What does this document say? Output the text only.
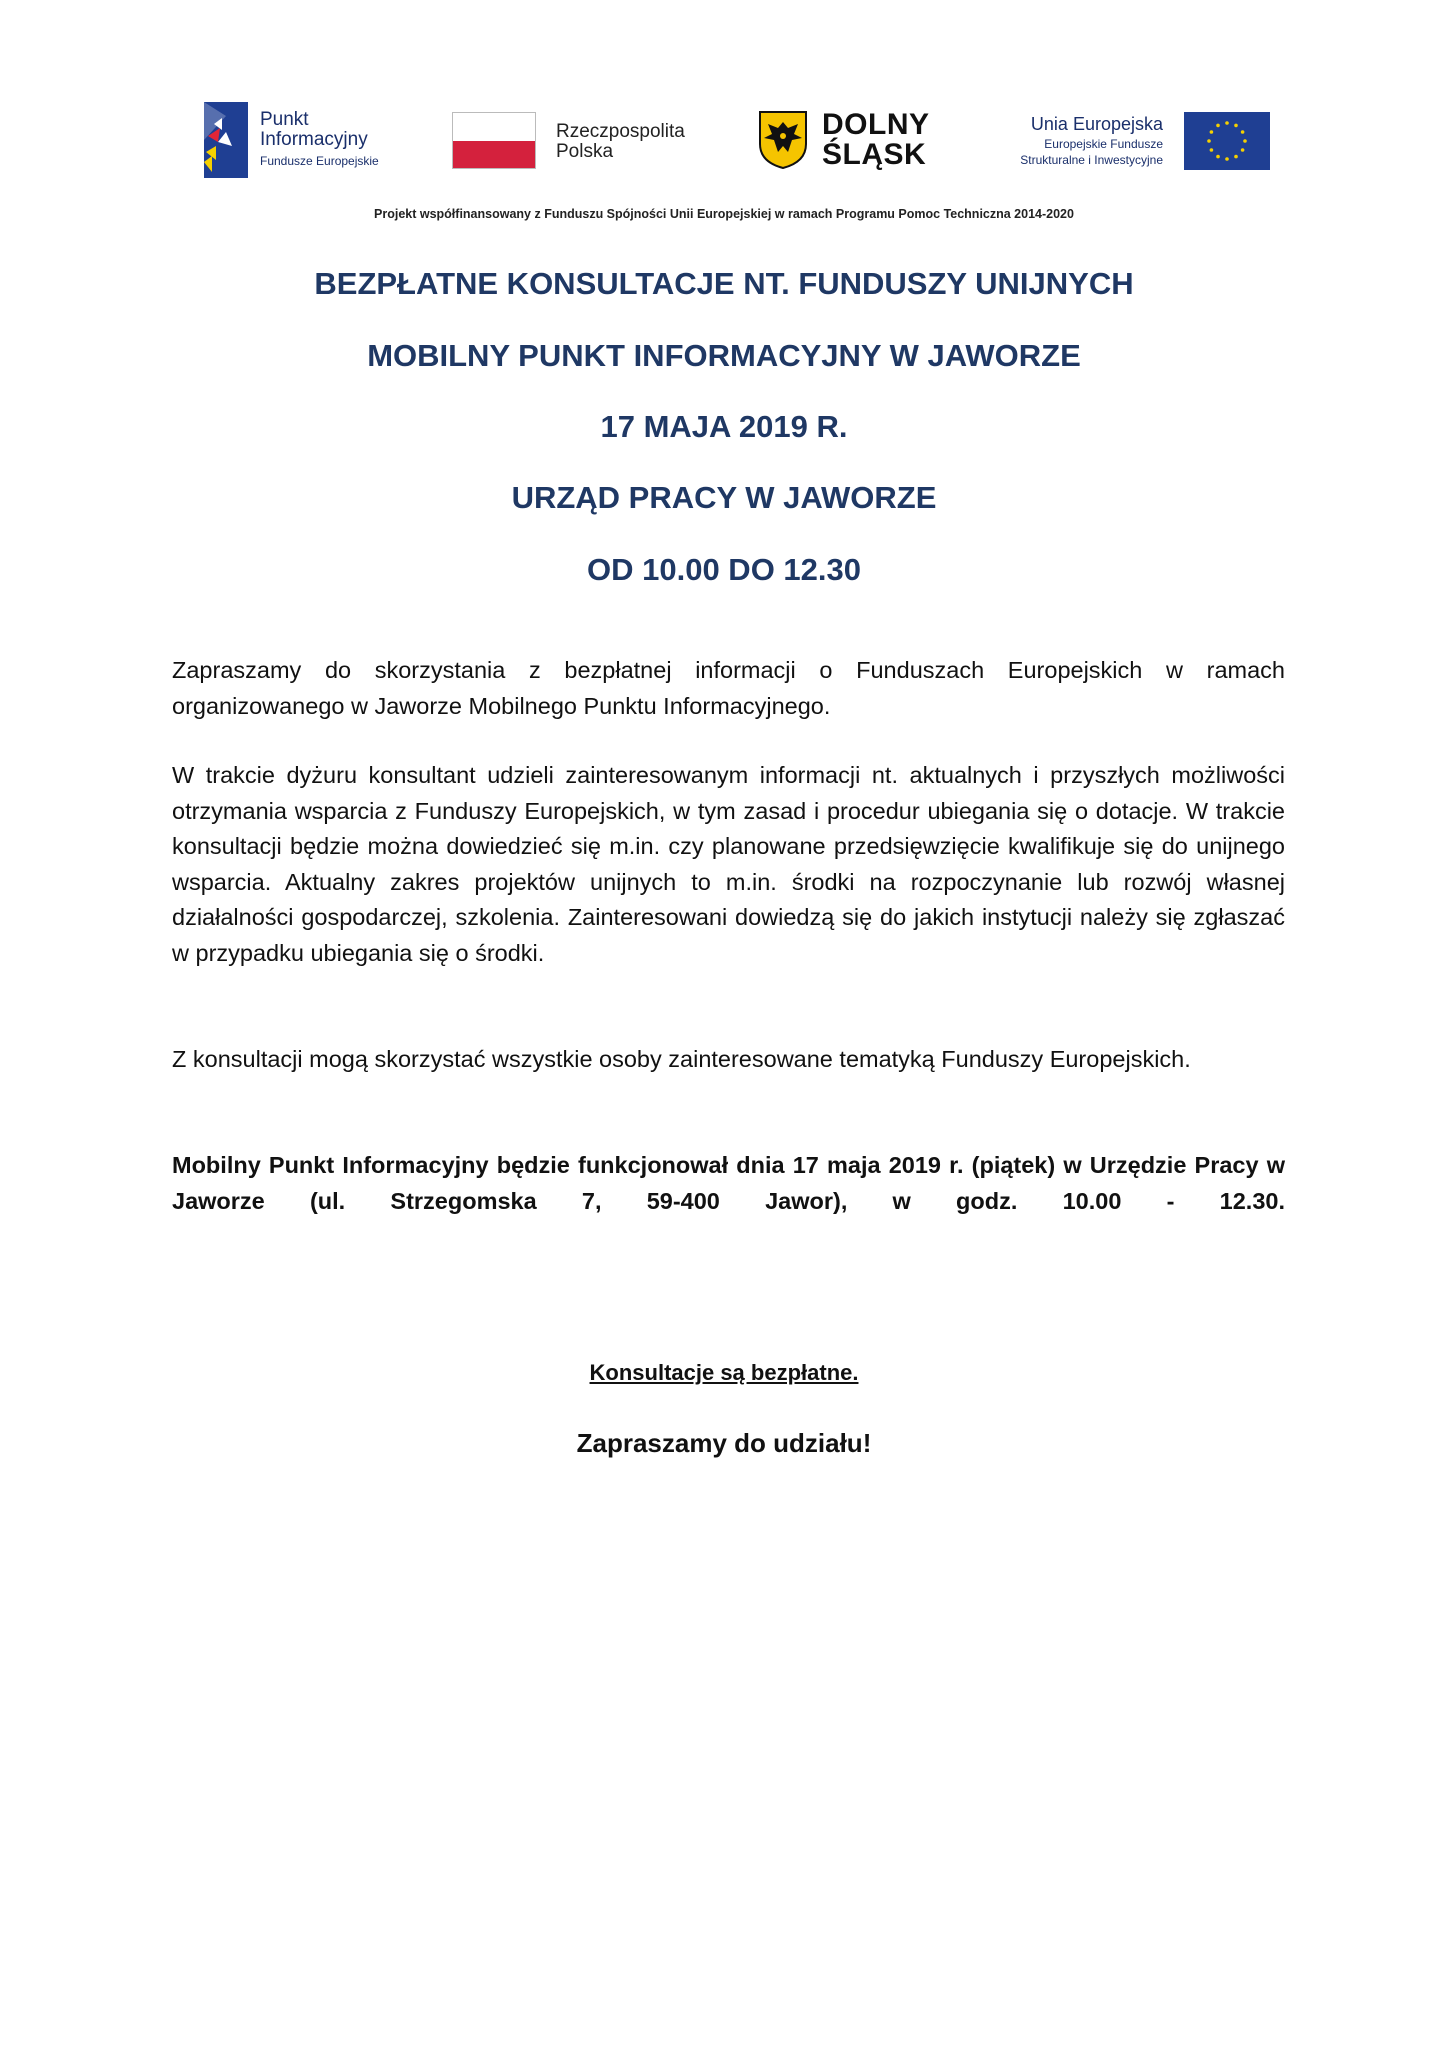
Punkt
Informacyjny
Fundusze Europejskie
Rzeczpospolita
Polska
DOLNY
ŚLĄSK
Unia Europejska
Europejskie Fundusze
Strukturalne i Inwestycyjne
Projekt współfinansowany z Funduszu Spójności Unii Europejskiej w ramach Programu Pomoc Techniczna 2014-2020
BEZPŁATNE KONSULTACJE NT. FUNDUSZY UNIJNYCH
MOBILNY PUNKT INFORMACYJNY W JAWORZE
17 MAJA 2019 R.
URZĄD PRACY W JAWORZE
OD 10.00 DO 12.30
Zapraszamy do skorzystania z bezpłatnej informacji o Funduszach Europejskich w ramach organizowanego w Jaworze Mobilnego Punktu Informacyjnego.
W trakcie dyżuru konsultant udzieli zainteresowanym informacji nt. aktualnych i przyszłych możliwości otrzymania wsparcia z Funduszy Europejskich, w tym zasad i procedur ubiegania się o dotacje. W trakcie konsultacji będzie można dowiedzieć się m.in. czy planowane przedsięwzięcie kwalifikuje się do unijnego wsparcia. Aktualny zakres projektów unijnych to m.in. środki na rozpoczynanie lub rozwój własnej działalności gospodarczej, szkolenia. Zainteresowani dowiedzą się do jakich instytucji należy się zgłaszać w przypadku ubiegania się o środki.
Z konsultacji mogą skorzystać wszystkie osoby zainteresowane tematyką Funduszy Europejskich.
Mobilny Punkt Informacyjny będzie funkcjonował dnia 17 maja 2019 r. (piątek) w Urzędzie Pracy w Jaworze (ul. Strzegomska 7, 59-400 Jawor), w godz. 10.00 - 12.30.
Konsultacje są bezpłatne.
Zapraszamy do udziału!
